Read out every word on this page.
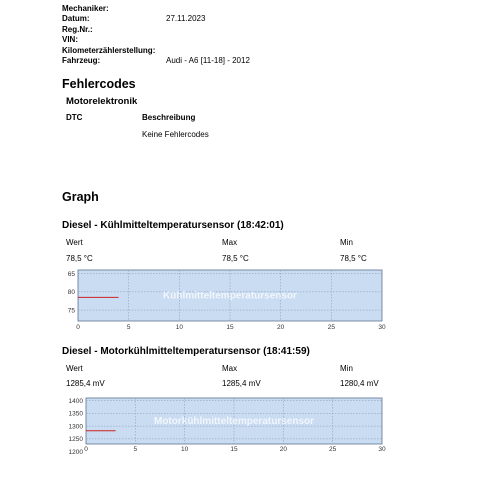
Mechaniker:
Datum:	27.11.2023
Reg.Nr.:
VIN:
Kilometerzählerstellung:
Fahrzeug:	Audi - A6 [11-18] - 2012
Fehlercodes
Motorelektronik
DTC	Beschreibung
Keine Fehlercodes
Graph
Diesel - Kühlmitteltemperatursensor (18:42:01)
Wert	Max	Min
78,5 °C	78,5 °C	78,5 °C
0	5	10	15	20	25	30
65
80
75
Kühlmitteltemperatursensor
Diesel - Motorkühlmitteltemperatursensor (18:41:59)
Wert	Max	Min
1285,4 mV	1285,4 mV	1280,4 mV
0	5	10	15	20	25	30
1400
1350
1300
1250
1200
Motorkühlmitteltemperatursensor
